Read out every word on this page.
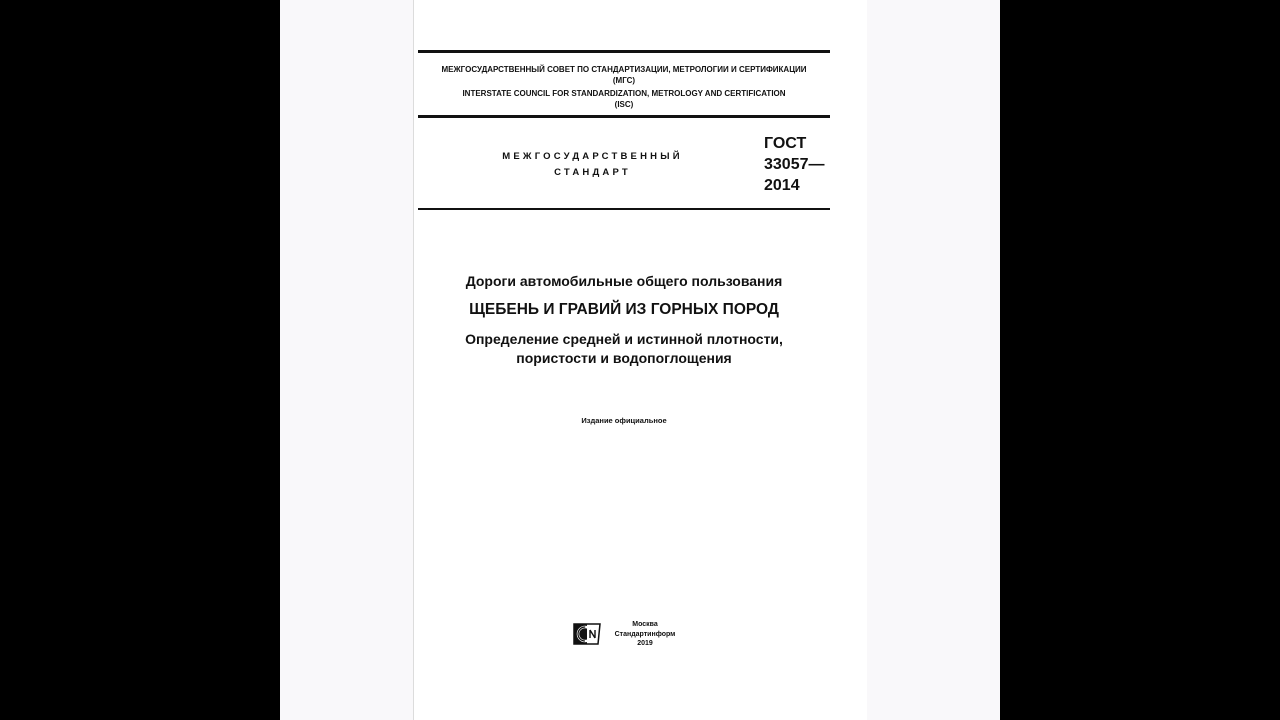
МЕЖГОСУДАРСТВЕННЫЙ СОВЕТ ПО СТАНДАРТИЗАЦИИ, МЕТРОЛОГИИ И СЕРТИФИКАЦИИ
(МГС)
INTERSTATE COUNCIL FOR STANDARDIZATION, METROLOGY AND CERTIFICATION
(ISC)
МЕЖГОСУДАРСТВЕННЫЙ
СТАНДАРТ
ГОСТ
33057—
2014
Дороги автомобильные общего пользования
ЩЕБЕНЬ И ГРАВИЙ ИЗ ГОРНЫХ ПОРОД
Определение средней и истинной плотности,
пористости и водопоглощения
Издание официальное
Москва
Стандартинформ
2019
